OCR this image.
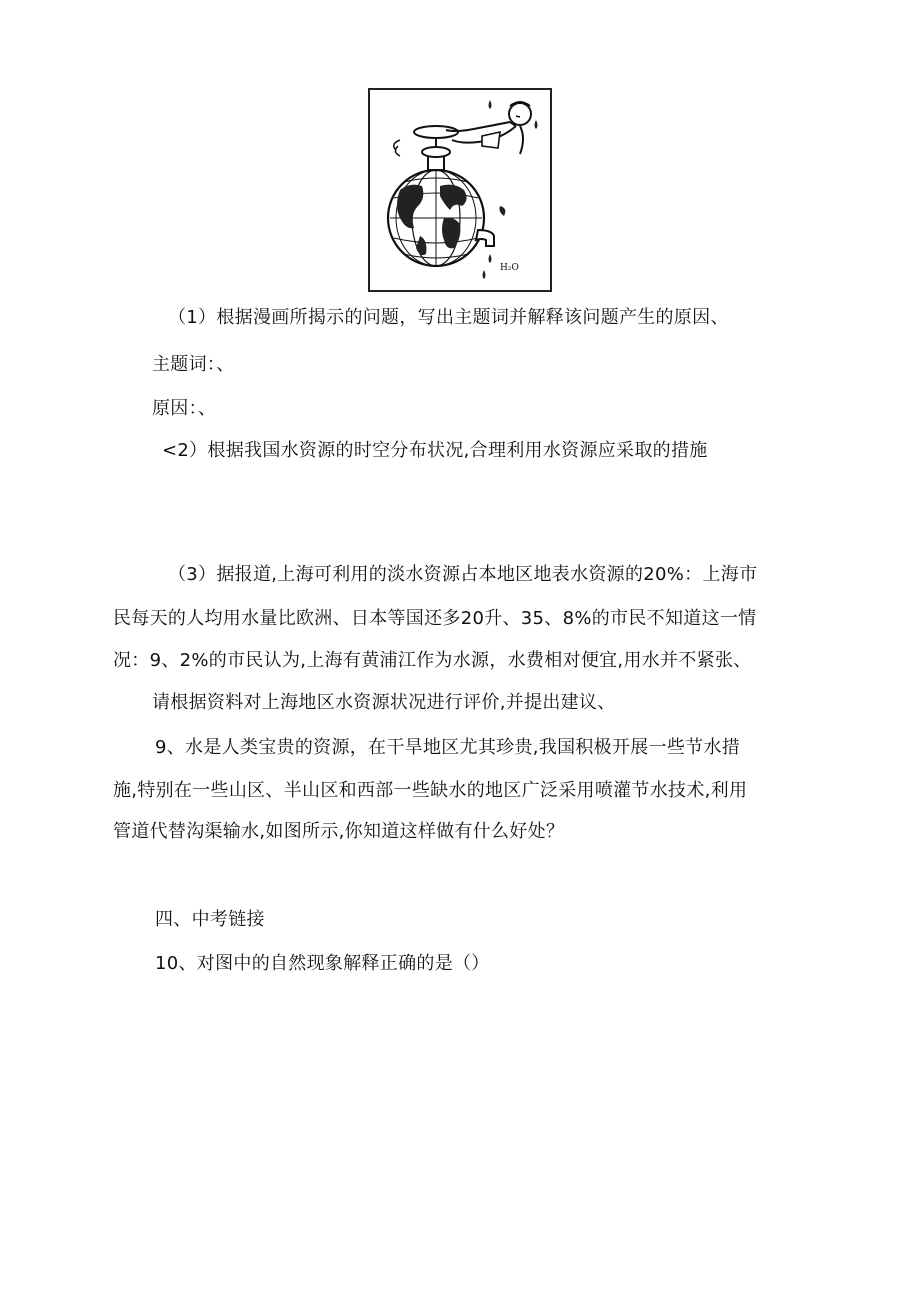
H₂O
（1）根据漫画所揭示的问题，写出主题词并解释该问题产生的原因、
主题词：、
原因：、
<2）根据我国水资源的时空分布状况,合理利用水资源应采取的措施
（3）据报道,上海可利用的淡水资源占本地区地表水资源的20%：上海市
民每天的人均用水量比欧洲、日本等国还多20升、35、8%的市民不知道这一情
况：9、2%的市民认为,上海有黄浦江作为水源，水费相对便宜,用水并不紧张、
请根据资料对上海地区水资源状况进行评价,并提出建议、
9、水是人类宝贵的资源，在干旱地区尤其珍贵,我国积极开展一些节水措
施,特别在一些山区、半山区和西部一些缺水的地区广泛采用喷灌节水技术,利用
管道代替沟渠输水,如图所示,你知道这样做有什么好处？
四、中考链接
10、对图中的自然现象解释正确的是（）
